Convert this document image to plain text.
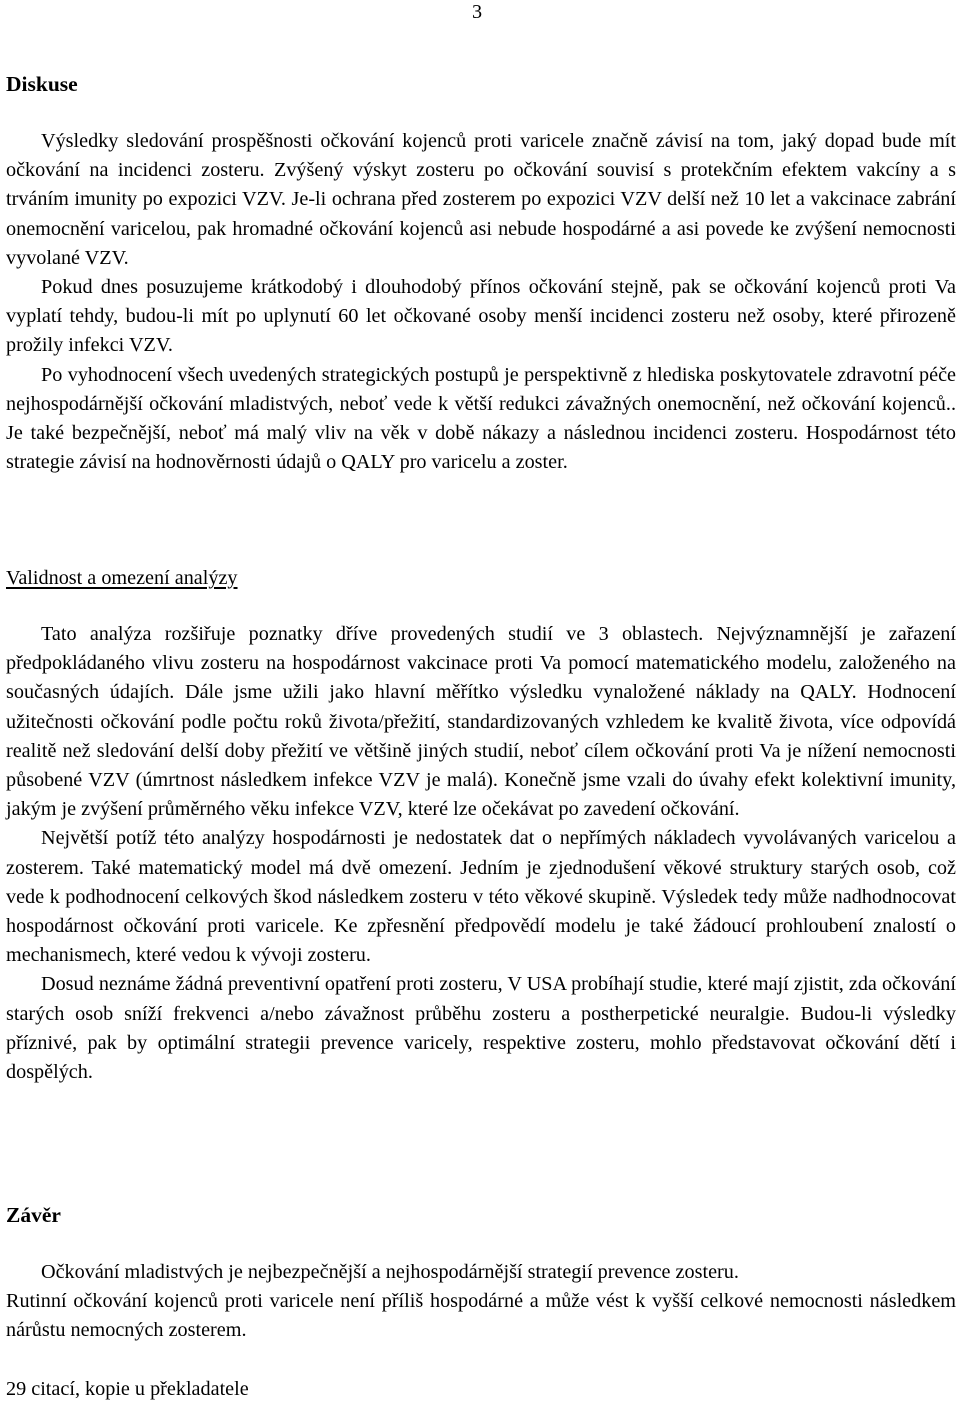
3
Diskuse

Výsledky sledování prospěšnosti očkování kojenců proti varicele značně závisí na tom, jaký dopad bude mít očkování na incidenci zosteru. Zvýšený výskyt zosteru po očkování souvisí s protekčním efektem vakcíny a s trváním imunity po expozici VZV. Je-li ochrana před zosterem po expozici VZV delší než 10 let a vakcinace zabrání onemocnění varicelou, pak hromadné očkování kojenců asi nebude hospodárné a asi povede ke zvýšení nemocnosti vyvolané VZV.

Pokud dnes posuzujeme krátkodobý i dlouhodobý přínos očkování stejně, pak se očkování kojenců proti Va vyplatí tehdy, budou-li mít po uplynutí 60 let očkované osoby menší incidenci zosteru než osoby, které přirozeně prožily infekci VZV.

Po vyhodnocení všech uvedených strategických postupů je perspektivně z hlediska poskytovatele zdravotní péče nejhospodárnější očkování mladistvých, neboť vede k větší redukci závažných onemocnění, než očkování kojenců.. Je také bezpečnější, neboť má malý vliv na věk v době nákazy a následnou incidenci zosteru. Hospodárnost této strategie závisí na hodnověrnosti údajů o QALY pro varicelu a zoster.

Validnost a omezení analýzy

Tato analýza rozšiřuje poznatky dříve provedených studií ve 3 oblastech. Nejvýznamnější je zařazení předpokládaného vlivu zosteru na hospodárnost vakcinace proti Va pomocí matematického modelu, založeného na současných údajích. Dále jsme užili jako hlavní měřítko výsledku vynaložené náklady na QALY. Hodnocení užitečnosti očkování podle počtu roků života/přežití, standardizovaných vzhledem ke kvalitě života, více odpovídá realitě než sledování delší doby přežití ve většině jiných studií, neboť cílem očkování proti Va je nížení nemocnosti působené VZV (úmrtnost následkem infekce VZV je malá). Konečně jsme vzali do úvahy efekt kolektivní imunity, jakým je zvýšení průměrného věku infekce VZV, které lze očekávat po zavedení očkování.

Největší potíž této analýzy hospodárnosti je nedostatek dat o nepřímých nákladech vyvolávaných varicelou a zosterem. Také matematický model má dvě omezení. Jedním je zjednodušení věkové struktury starých osob, což vede k podhodnocení celkových škod následkem zosteru v této věkové skupině. Výsledek tedy může nadhodnocovat hospodárnost očkování proti varicele. Ke zpřesnění předpovědí modelu je také žádoucí prohloubení znalostí o mechanismech, které vedou k vývoji zosteru.

Dosud neznáme žádná preventivní opatření proti zosteru, V USA probíhají studie, které mají zjistit, zda očkování starých osob sníží frekvenci a/nebo závažnost průběhu zosteru a postherpetické neuralgie. Budou-li výsledky příznivé, pak by optimální strategii prevence varicely, respektive zosteru, mohlo představovat očkování dětí i dospělých.

Závěr

Očkování mladistvých je nejbezpečnější a nejhospodárnější strategií prevence zosteru.

Rutinní očkování kojenců proti varicele není příliš hospodárné a může vést k vyšší celkové nemocnosti následkem nárůstu nemocných zosterem.

29 citací, kopie u překladatele
